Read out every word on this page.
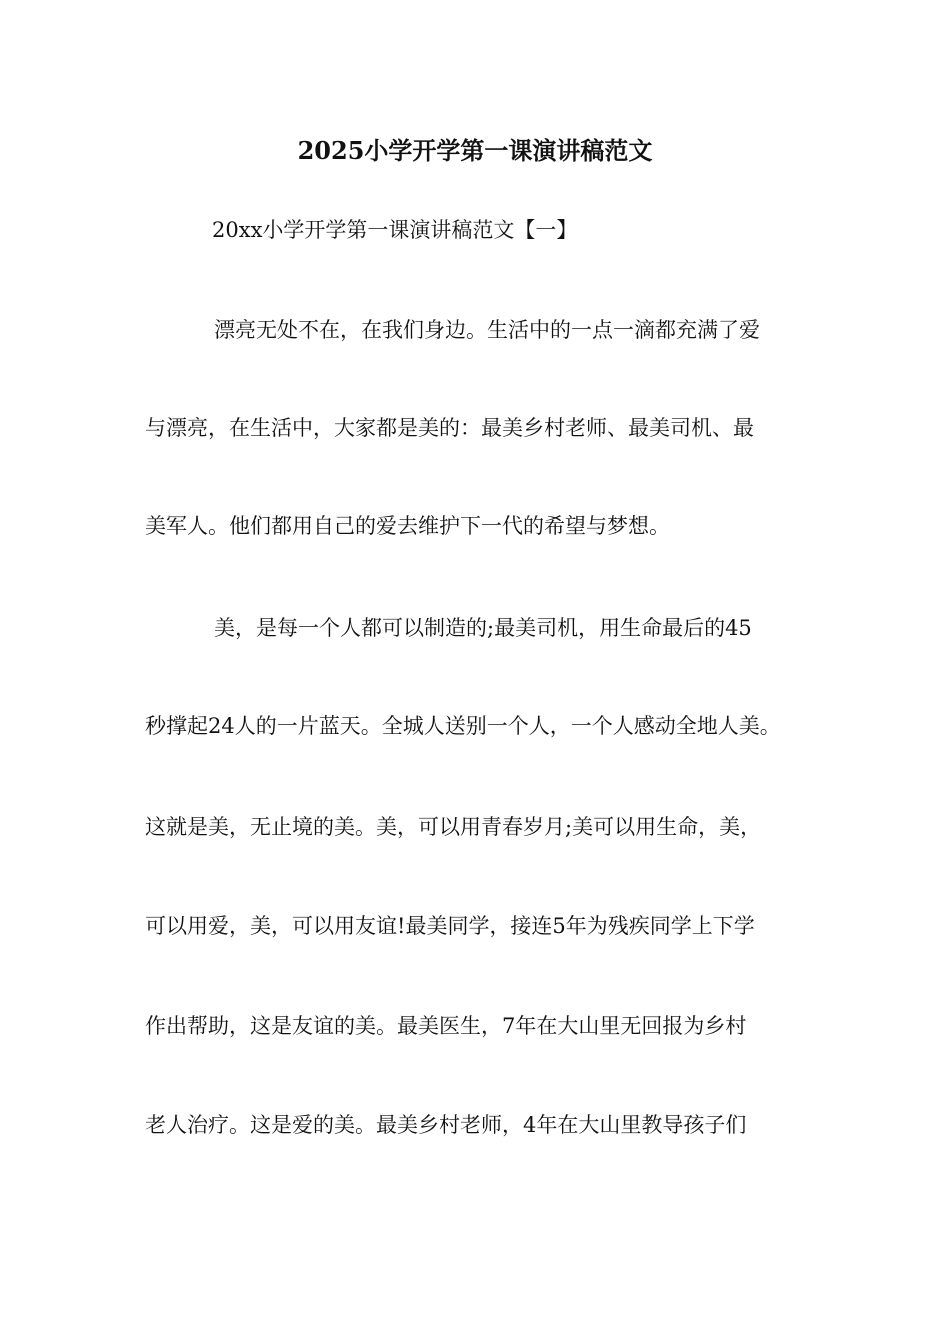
2025小学开学第一课演讲稿范文
20xx小学开学第一课演讲稿范文【一】
漂亮无处不在，在我们身边。生活中的一点一滴都充满了爱
与漂亮，在生活中，大家都是美的：最美乡村老师、最美司机、最
美军人。他们都用自己的爱去维护下一代的希望与梦想。
美，是每一个人都可以制造的;最美司机，用生命最后的45
秒撑起24人的一片蓝天。全城人送别一个人，一个人感动全地人美。
这就是美，无止境的美。美，可以用青春岁月;美可以用生命，美，
可以用爱，美，可以用友谊!最美同学，接连5年为残疾同学上下学
作出帮助，这是友谊的美。最美医生，7年在大山里无回报为乡村
老人治疗。这是爱的美。最美乡村老师，4年在大山里教导孩子们
